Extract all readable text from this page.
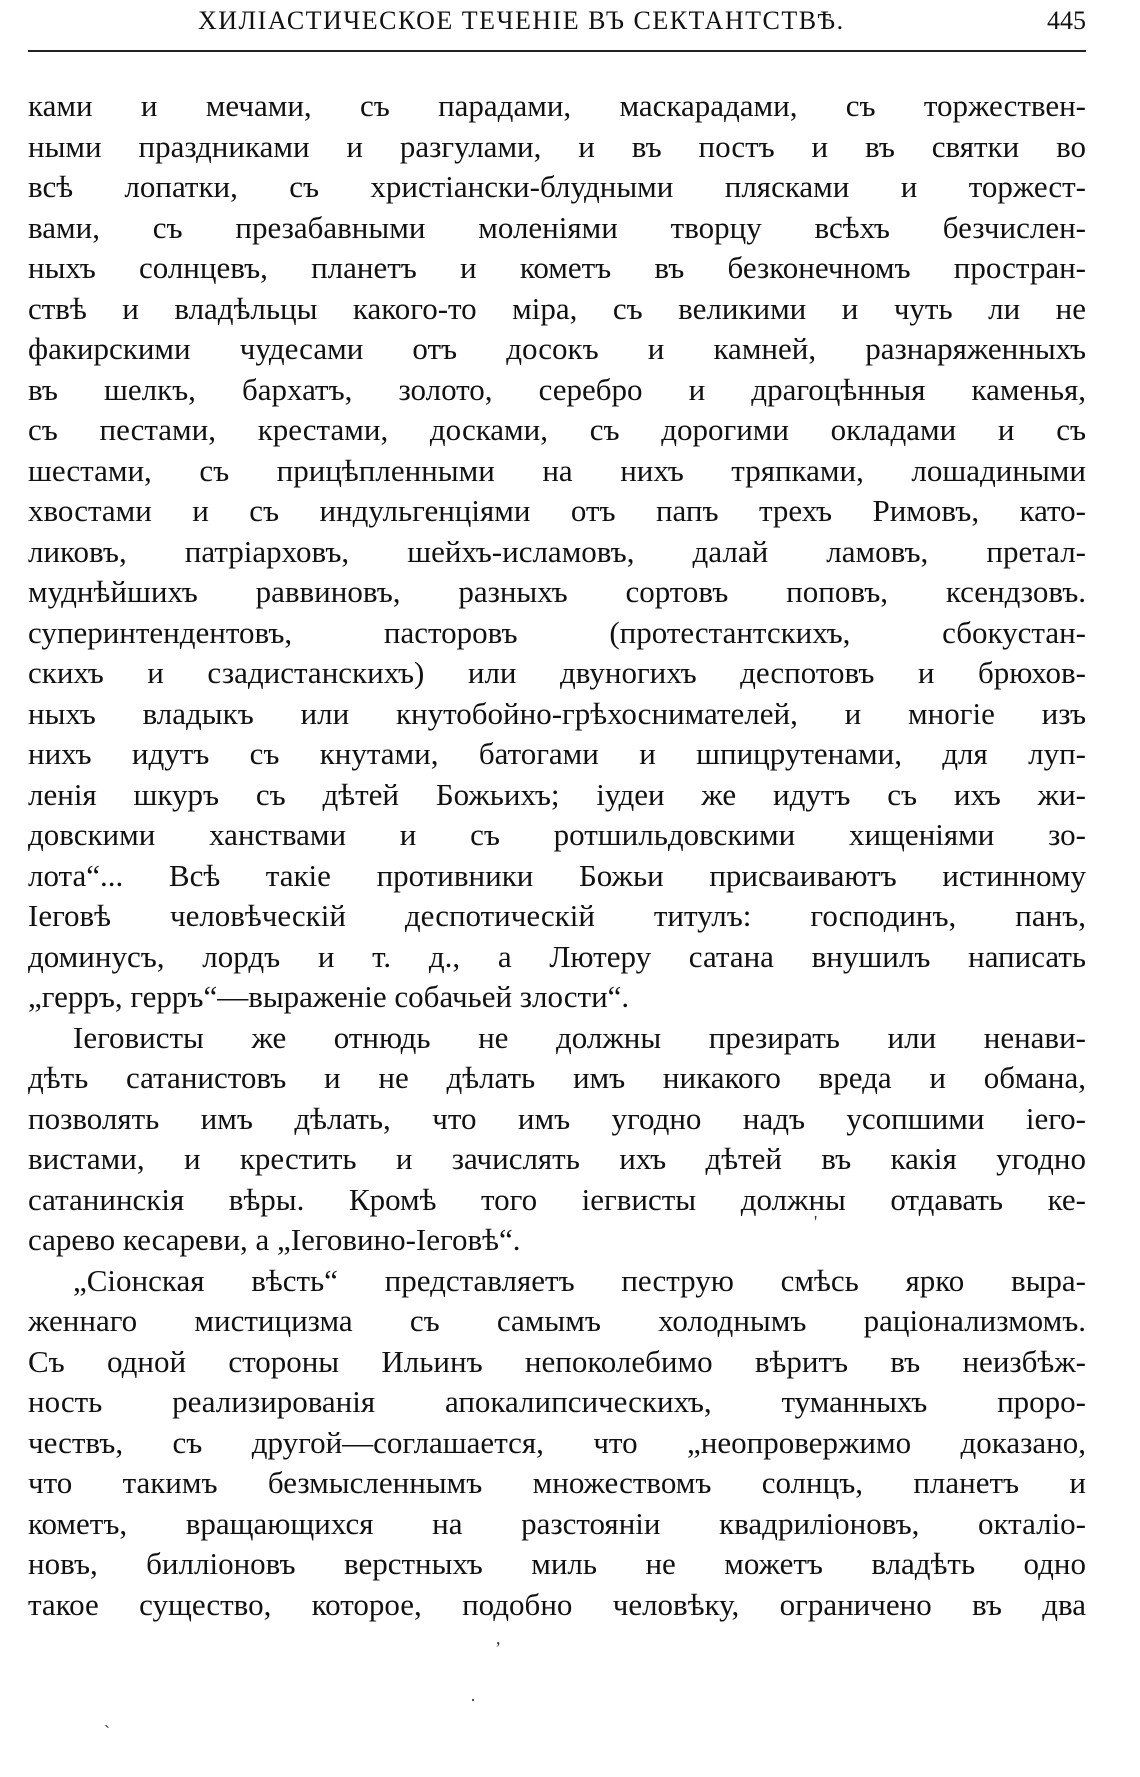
ХИЛІАСТИЧЕСКОЕ ТЕЧЕНІЕ ВЪ СЕКТАНТСТВѢ.	445
ками и мечами, съ парадами, маскарадами, съ торжествен-
ными праздниками и разгулами, и въ постъ и въ святки во
всѣ лопатки, съ христіански-блудными плясками и торжест-
вами, съ презабавными моленіями творцу всѣхъ безчислен-
ныхъ солнцевъ, планетъ и кометъ въ безконечномъ простран-
ствѣ и владѣльцы какого-то міра, съ великими и чуть ли не
факирскими чудесами отъ досокъ и камней, разнаряженныхъ
въ шелкъ, бархатъ, золото, серебро и драгоцѣнныя каменья,
съ пестами, крестами, досками, съ дорогими окладами и съ
шестами, съ прицѣпленными на нихъ тряпками, лошадиными
хвостами и съ индульгенціями отъ папъ трехъ Римовъ, като-
ликовъ, патріарховъ, шейхъ-исламовъ, далай ламовъ, претал-
муднѣйшихъ раввиновъ, разныхъ сортовъ поповъ, ксендзовъ.
суперинтендентовъ, пасторовъ (протестантскихъ, сбокустан-
скихъ и сзадистанскихъ) или двуногихъ деспотовъ и брюхов-
ныхъ владыкъ или кнутобойно-грѣхоснимателей, и многіе изъ
нихъ идутъ съ кнутами, батогами и шпицрутенами, для луп-
ленія шкуръ съ дѣтей Божьихъ; іудеи же идутъ съ ихъ жи-
довскими ханствами и съ ротшильдовскими хищеніями зо-
лота“... Всѣ такіе противники Божьи присваиваютъ истинному
Іеговѣ человѣческій деспотическій титулъ: господинъ, панъ,
доминусъ, лордъ и т. д., а Лютеру сатана внушилъ написать
„герръ, герръ“—выраженіе собачьей злости“.
Іеговисты же отнюдь не должны презирать или ненави-
дѣть сатанистовъ и не дѣлать имъ никакого вреда и обмана,
позволять имъ дѣлать, что имъ угодно надъ усопшими іего-
вистами, и крестить и зачислять ихъ дѣтей въ какія угодно
сатанинскія вѣры. Кромѣ того іегвисты должны отдавать ке-
сарево кесареви, а „Іеговино-Іеговѣ“.
„Сіонская вѣсть“ представляетъ пеструю смѣсь ярко выра-
женнаго мистицизма съ самымъ холоднымъ раціонализмомъ.
Съ одной стороны Ильинъ непоколебимо вѣритъ въ неизбѣж-
ность реализированія апокалипсическихъ, туманныхъ проро-
чествъ, съ другой—соглашается, что „неопровержимо доказано,
что такимъ безмысленнымъ множествомъ солнцъ, планетъ и
кометъ, вращающихся на разстояніи квадриліоновъ, окталіо-
новъ, билліоновъ верстныхъ миль не можетъ владѣть одно
такое существо, которое, подобно человѣку, ограничено въ два
,
·
`
'
